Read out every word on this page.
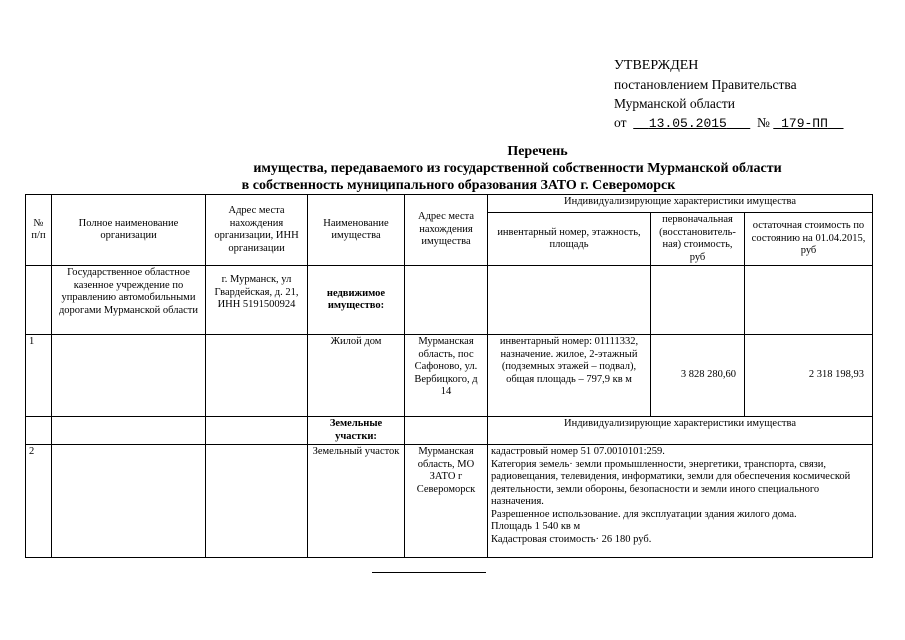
УТВЕРЖДЕН
постановлением Правительства
Мурманской области
от 13.05.2015 № 179-ПП
Перечень
имущества, передаваемого из государственной собственности Мурманской области
в собственность муниципального образования ЗАТО г. Североморск
№ п/п	Полное наименование организации	Адрес места нахождения организации, ИНН организации	Наименование имущества	Адрес места нахождения имущества	Индивидуализирующие характеристики имущества		
					инвентарный номер, этажность, площадь	первоначальная (восстановитель-ная) стоимость, руб	остаточная стоимость по состоянию на 01.04.2015, руб
	Государственное областное казенное учреждение по управлению автомобильными дорогами Мурманской области	г. Мурманск, ул Гвардейская, д. 21, ИНН 5191500924	недвижимое имущество:				
1			Жилой дом	Мурманская область, пос Сафоново, ул. Вербицкого, д 14	инвентарный номер: 01111332, назначение. жилое, 2-этажный (подземных этажей – подвал), общая площадь – 797,9 кв м	3 828 280,60	2 318 198,93
			Земельные участки:		Индивидуализирующие характеристики имущества		
2			Земельный участок	Мурманская область, МО ЗАТО г Североморск	кадастровый номер 51 07.0010101:259.
Категория земель· земли промышленности, энергетики, транспорта, связи, радиовещания, телевидения, информатики, земли для обеспечения космической деятельности, земли обороны, безопасности и земли иного специального назначения.
Разрешенное использование. для эксплуатации здания жилого дома.
Площадь 1 540 кв м
Кадастровая стоимость· 26 180 руб.		
